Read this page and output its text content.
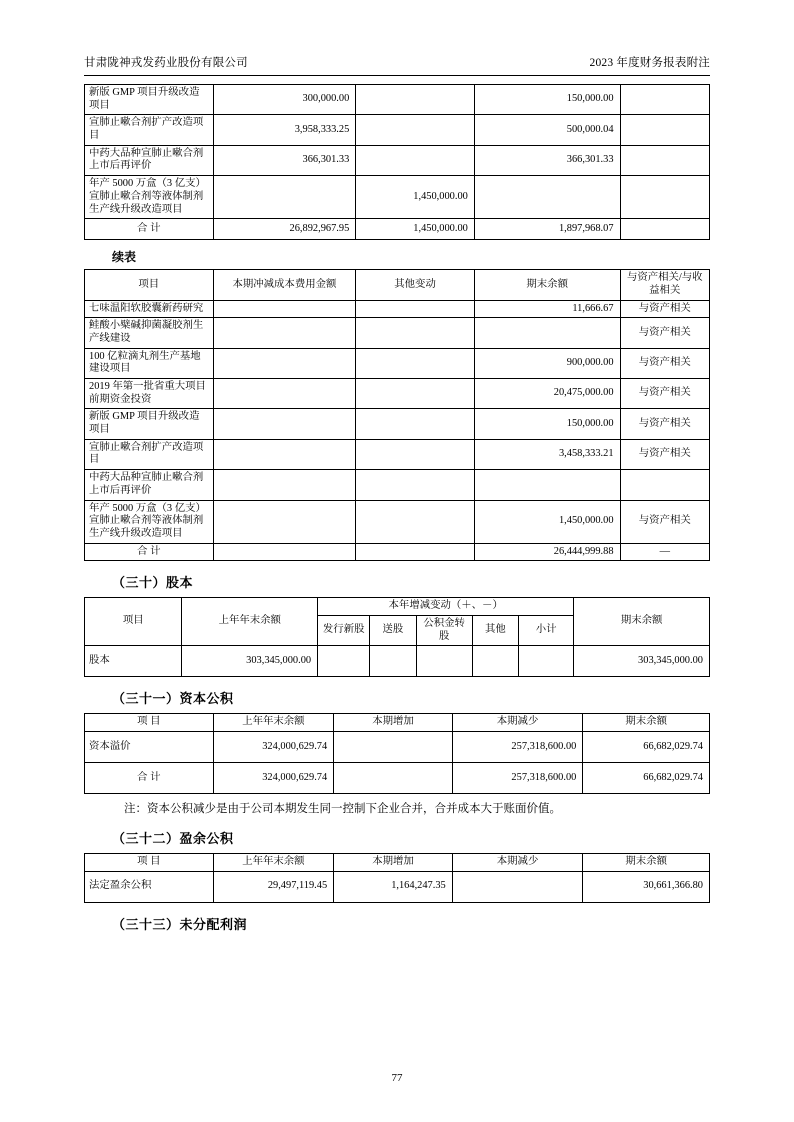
甘肃陇神戎发药业股份有限公司	2023 年度财务报表附注
新版 GMP 项目升级改造项目	300,000.00		150,000.00	
宣肺止嗽合剂扩产改造项目	3,958,333.25		500,000.04	
中药大品种宣肺止嗽合剂上市后再评价	366,301.33		366,301.33	
年产 5000 万盒（3 亿支）宣肺止嗽合剂等液体制剂生产线升级改造项目		1,450,000.00		
合 计	26,892,967.95	1,450,000.00	1,897,968.07	
续表
项目	本期冲减成本费用金额	其他变动	期末余额	与资产相关/与收益相关
七味温阳软胶囊新药研究			11,666.67	与资产相关
鲑酸小檗碱抑菌凝胶剂生产线建设				与资产相关
100 亿粒滴丸剂生产基地建设项目			900,000.00	与资产相关
2019 年第一批省重大项目前期资金投资			20,475,000.00	与资产相关
新版 GMP 项目升级改造项目			150,000.00	与资产相关
宣肺止嗽合剂扩产改造项目			3,458,333.21	与资产相关
中药大品种宣肺止嗽合剂上市后再评价				
年产 5000 万盒（3 亿支）宣肺止嗽合剂等液体制剂生产线升级改造项目			1,450,000.00	与资产相关
合 计			26,444,999.88	—
（三十）股本
项目	上年年末余额	本年增减变动（＋、－）					期末余额
		发行新股	送股	公积金转股	其他	小计	
股本	303,345,000.00						303,345,000.00
（三十一）资本公积
项 目	上年年末余额	本期增加	本期减少	期末余额
资本溢价	324,000,629.74		257,318,600.00	66,682,029.74
合 计	324,000,629.74		257,318,600.00	66,682,029.74
注：资本公积减少是由于公司本期发生同一控制下企业合并，合并成本大于账面价值。
（三十二）盈余公积
项 目	上年年末余额	本期增加	本期减少	期末余额
法定盈余公积	29,497,119.45	1,164,247.35		30,661,366.80
（三十三）未分配利润
77
